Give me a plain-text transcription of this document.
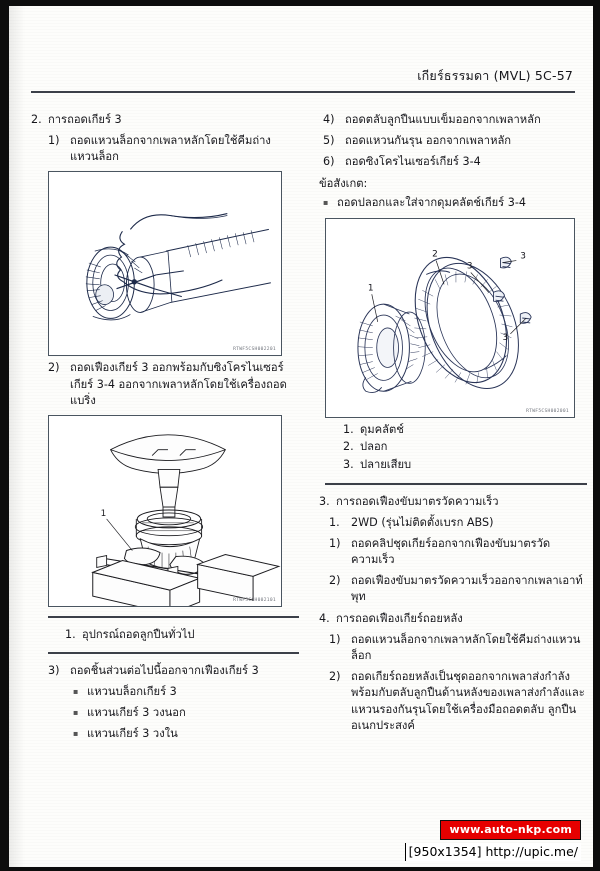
เกียร์ธรรมดา (MVL) 5C-57
2. การถอดเกียร์ 3
1) ถอดแหวนล็อกจากเพลาหลักโดยใช้คีมถ่างแหวนล็อก
RTWF5CSH002201
2) ถอดเฟืองเกียร์ 3 ออกพร้อมกับซิงโครไนเซอร์เกียร์ 3-4 ออกจากเพลาหลักโดยใช้เครื่องถอดแบริ่ง
1
RTWF5CSH002101
1. อุปกรณ์ถอดลูกปืนทั่วไป
3) ถอดชิ้นส่วนต่อไปนี้ออกจากเฟืองเกียร์ 3
▪ แหวนบล็อกเกียร์ 3
▪ แหวนเกียร์ 3 วงนอก
▪ แหวนเกียร์ 3 วงใน
4) ถอดตลับลูกปืนแบบเข็มออกจากเพลาหลัก
5) ถอดแหวนกันรุน ออกจากเพลาหลัก
6) ถอดซิงโครไนเซอร์เกียร์ 3-4
ข้อสังเกต:
▪ ถอดปลอกและใส่จากดุมคลัตช์เกียร์ 3-4
1
2
3
3
3
RTWF5CSH002001
1. ดุมคลัตช์
2. ปลอก
3. ปลายเสียบ
3. การถอดเฟืองขับมาตรวัดความเร็ว
1.	2WD (รุ่นไม่ติดตั้งเบรก ABS)
1) ถอดคลิปชุดเกียร์ออกจากเฟืองขับมาตรวัดความเร็ว
2) ถอดเฟืองขับมาตรวัดความเร็วออกจากเพลาเอาท์พุท
4. การถอดเฟืองเกียร์ถอยหลัง
1) ถอดแหวนล็อกจากเพลาหลักโดยใช้คีมถ่างแหวนล็อก
2) ถอดเกียร์ถอยหลังเป็นชุดออกจากเพลาส่งกำลังพร้อมกับตลับลูกปืนด้านหลังของเพลาส่งกำลังและแหวนรองกันรุนโดยใช้เครื่องมือถอดตลับ ลูกปืนอเนกประสงค์
www.auto-nkp.com [950x1354] http://upic.me/
